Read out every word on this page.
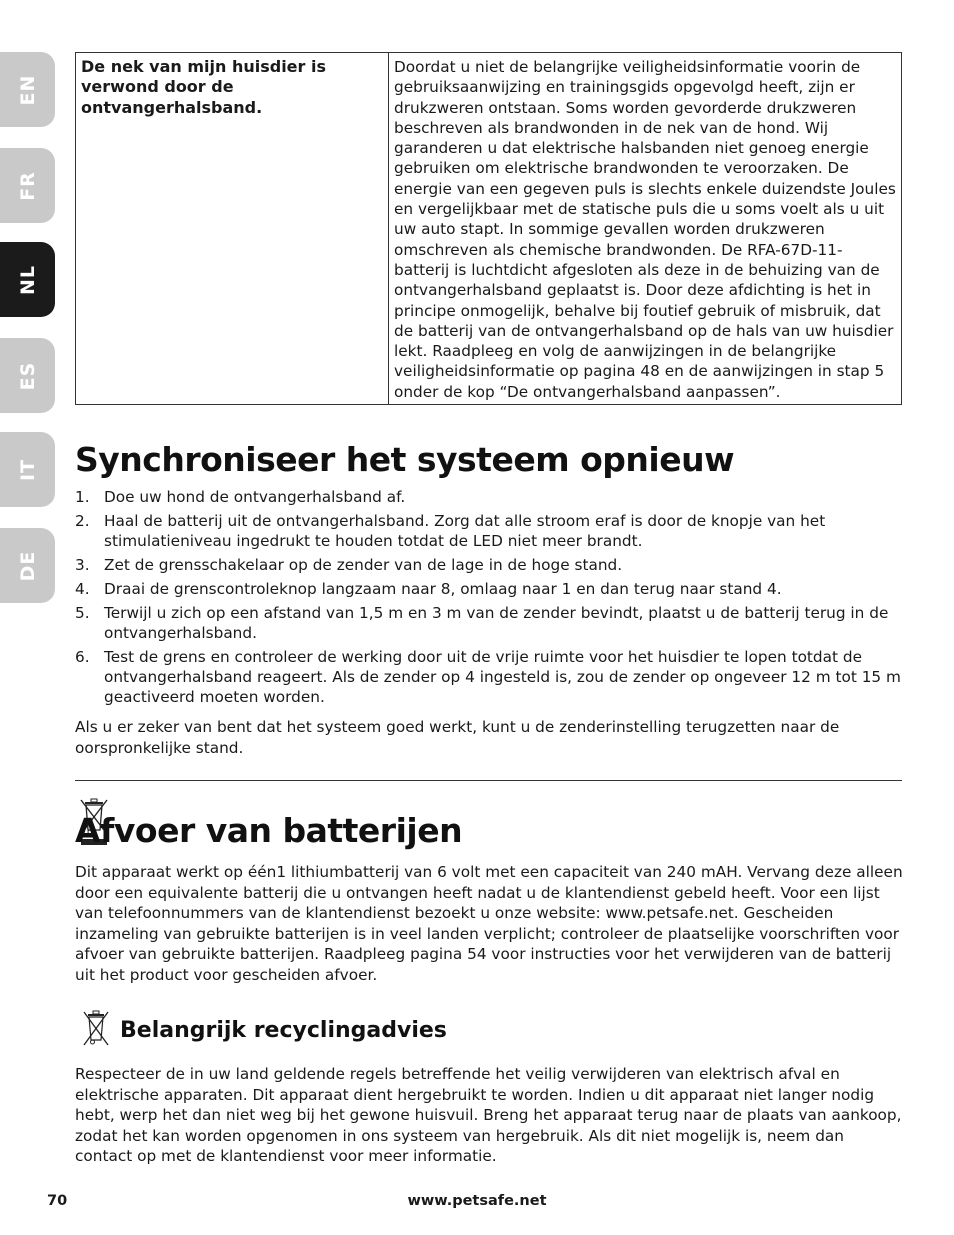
EN
FR
NL
ES
IT
DE
De nek van mijn huisdier is verwond door de ontvangerhalsband.	Doordat u niet de belangrijke veiligheidsinformatie voorin de gebruiksaanwijzing en trainingsgids opgevolgd heeft, zijn er drukzweren ontstaan. Soms worden gevorderde drukzweren beschreven als brandwonden in de nek van de hond. Wij garanderen u dat elektrische halsbanden niet genoeg energie gebruiken om elektrische brandwonden te veroorzaken. De energie van een gegeven puls is slechts enkele duizendste Joules en vergelijkbaar met de statische puls die u soms voelt als u uit uw auto stapt. In sommige gevallen worden drukzweren omschreven als chemische brandwonden. De RFA-67D-11-batterij is luchtdicht afgesloten als deze in de behuizing van de ontvangerhalsband geplaatst is. Door deze afdichting is het in principe onmogelijk, behalve bij foutief gebruik of misbruik, dat de batterij van de ontvangerhalsband op de hals van uw huisdier lekt. Raadpleeg en volg de aanwijzingen in de belangrijke veiligheidsinformatie op pagina 48 en de aanwijzingen in stap 5 onder de kop “De ontvangerhalsband aanpassen”.
Synchroniseer het systeem opnieuw
1. Doe uw hond de ontvangerhalsband af.
2. Haal de batterij uit de ontvangerhalsband. Zorg dat alle stroom eraf is door de knopje van het stimulatieniveau ingedrukt te houden totdat de LED niet meer brandt.
3. Zet de grensschakelaar op de zender van de lage in de hoge stand.
4. Draai de grenscontroleknop langzaam naar 8, omlaag naar 1 en dan terug naar stand 4.
5. Terwijl u zich op een afstand van 1,5 m en 3 m van de zender bevindt, plaatst u de batterij terug in de ontvangerhalsband.
6. Test de grens en controleer de werking door uit de vrije ruimte voor het huisdier te lopen totdat de ontvangerhalsband reageert. Als de zender op 4 ingesteld is, zou de zender op ongeveer 12 m tot 15 m geactiveerd moeten worden.

Als u er zeker van bent dat het systeem goed werkt, kunt u de zenderinstelling terugzetten naar de oorspronkelijke stand.

Afvoer van batterijen

Dit apparaat werkt op één1 lithiumbatterij van 6 volt met een capaciteit van 240 mAH. Vervang deze alleen door een equivalente batterij die u ontvangen heeft nadat u de klantendienst gebeld heeft. Voor een lijst van telefoonnummers van de klantendienst bezoekt u onze website: www.petsafe.net. Gescheiden inzameling van gebruikte batterijen is in veel landen verplicht; controleer de plaatselijke voorschriften voor afvoer van gebruikte batterijen. Raadpleeg pagina 54 voor instructies voor het verwijderen van de batterij uit het product voor gescheiden afvoer.

Belangrijk recyclingadvies

Respecteer de in uw land geldende regels betreffende het veilig verwijderen van elektrisch afval en elektrische apparaten. Dit apparaat dient hergebruikt te worden. Indien u dit apparaat niet langer nodig hebt, werp het dan niet weg bij het gewone huisvuil. Breng het apparaat terug naar de plaats van aankoop, zodat het kan worden opgenomen in ons systeem van hergebruik. Als dit niet mogelijk is, neem dan contact op met de klantendienst voor meer informatie.

70	www.petsafe.net
